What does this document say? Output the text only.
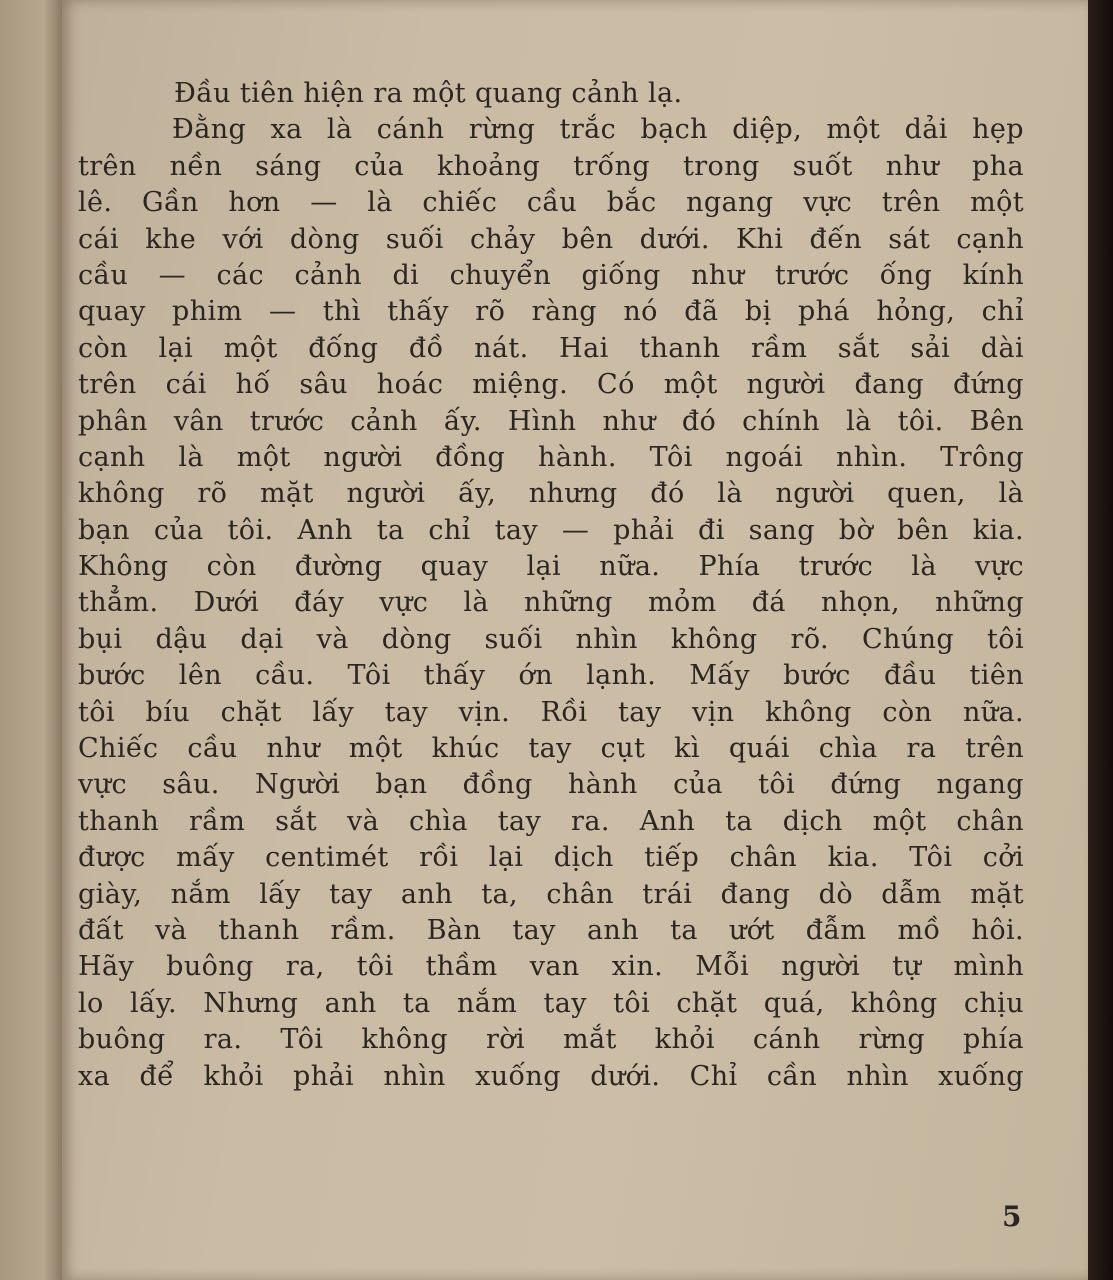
Đầu tiên hiện ra một quang cảnh lạ.
Đằng xa là cánh rừng trắc bạch diệp, một dải hẹp
trên nền sáng của khoảng trống trong suốt như pha
lê. Gần hơn — là chiếc cầu bắc ngang vực trên một
cái khe với dòng suối chảy bên dưới. Khi đến sát cạnh
cầu — các cảnh di chuyển giống như trước ống kính
quay phim — thì thấy rõ ràng nó đã bị phá hỏng, chỉ
còn lại một đống đồ nát. Hai thanh rầm sắt sải dài
trên cái hố sâu hoác miệng. Có một người đang đứng
phân vân trước cảnh ấy. Hình như đó chính là tôi. Bên
cạnh là một người đồng hành. Tôi ngoái nhìn. Trông
không rõ mặt người ấy, nhưng đó là người quen, là
bạn của tôi. Anh ta chỉ tay — phải đi sang bờ bên kia.
Không còn đường quay lại nữa. Phía trước là vực
thẳm. Dưới đáy vực là những mỏm đá nhọn, những
bụi dậu dại và dòng suối nhìn không rõ. Chúng tôi
bước lên cầu. Tôi thấy ớn lạnh. Mấy bước đầu tiên
tôi bíu chặt lấy tay vịn. Rồi tay vịn không còn nữa.
Chiếc cầu như một khúc tay cụt kì quái chìa ra trên
vực sâu. Người bạn đồng hành của tôi đứng ngang
thanh rầm sắt và chìa tay ra. Anh ta dịch một chân
được mấy centimét rồi lại dịch tiếp chân kia. Tôi cởi
giày, nắm lấy tay anh ta, chân trái đang dò dẫm mặt
đất và thanh rầm. Bàn tay anh ta ướt đẫm mồ hôi.
Hãy buông ra, tôi thầm van xin. Mỗi người tự mình
lo lấy. Nhưng anh ta nắm tay tôi chặt quá, không chịu
buông ra. Tôi không rời mắt khỏi cánh rừng phía
xa để khỏi phải nhìn xuống dưới. Chỉ cần nhìn xuống
5
